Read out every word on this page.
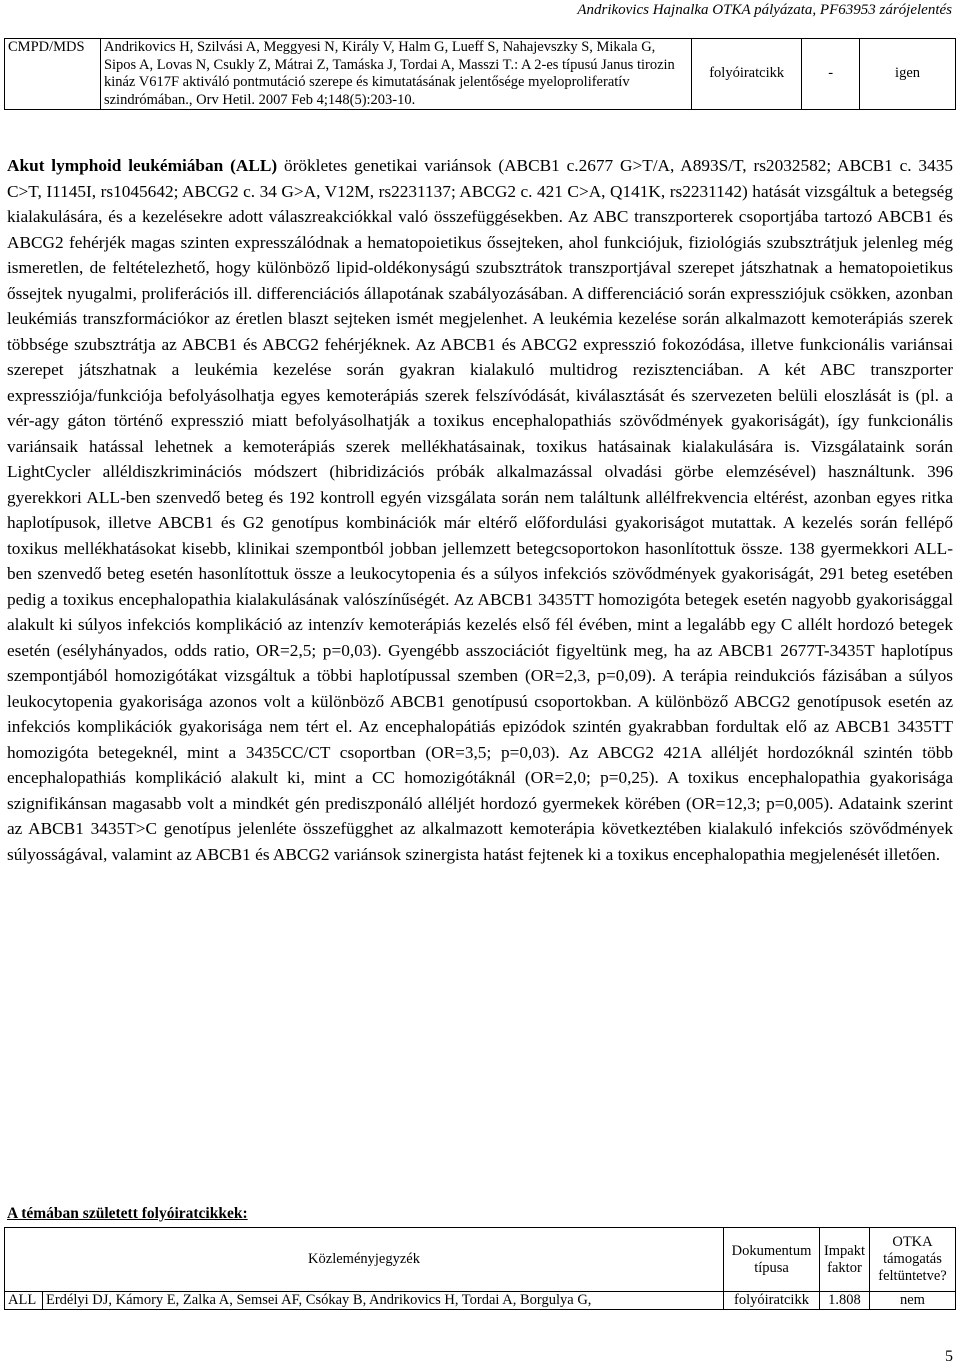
Andrikovics Hajnalka OTKA pályázata, PF63953 zárójelentés
CMPD/MDS	Andrikovics H, Szilvási A, Meggyesi N, Király V, Halm G, Lueff S, Nahajevszky S, Mikala G, Sipos A, Lovas N, Csukly Z, Mátrai Z, Tamáska J, Tordai A, Masszi T.: A 2-es típusú Janus tirozin kináz V617F aktiváló pontmutáció szerepe és kimutatásának jelentősége myeloproliferatív szindrómában., Orv Hetil. 2007 Feb 4;148(5):203-10.	folyóiratcikk	-	igen
Akut lymphoid leukémiában (ALL) örökletes genetikai variánsok (ABCB1 c.2677 G>T/A, A893S/T, rs2032582; ABCB1 c. 3435 C>T, I1145I, rs1045642; ABCG2 c. 34 G>A, V12M, rs2231137; ABCG2 c. 421 C>A, Q141K, rs2231142) hatását vizsgáltuk a betegség kialakulására, és a kezelésekre adott válaszreakciókkal való összefüggésekben. Az ABC transzporterek csoportjába tartozó ABCB1 és ABCG2 fehérjék magas szinten expresszálódnak a hematopoietikus őssejteken, ahol funkciójuk, fiziológiás szubsztrátjuk jelenleg még ismeretlen, de feltételezhető, hogy különböző lipid-oldékonyságú szubsztrátok transzportjával szerepet játszhatnak a hematopoietikus őssejtek nyugalmi, proliferációs ill. differenciációs állapotának szabályozásában. A differenciáció során expressziójuk csökken, azonban leukémiás transzformációkor az éretlen blaszt sejteken ismét megjelenhet. A leukémia kezelése során alkalmazott kemoterápiás szerek többsége szubsztrátja az ABCB1 és ABCG2 fehérjéknek. Az ABCB1 és ABCG2 expresszió fokozódása, illetve funkcionális variánsai szerepet játszhatnak a leukémia kezelése során gyakran kialakuló multidrog rezisztenciában. A két ABC transzporter expressziója/funkciója befolyásolhatja egyes kemoterápiás szerek felszívódását, kiválasztását és szervezeten belüli eloszlását is (pl. a vér-agy gáton történő expresszió miatt befolyásolhatják a toxikus encephalopathiás szövődmények gyakoriságát), így funkcionális variánsaik hatással lehetnek a kemoterápiás szerek mellékhatásainak, toxikus hatásainak kialakulására is. Vizsgálataink során LightCycler alléldiszkriminációs módszert (hibridizációs próbák alkalmazással olvadási görbe elemzésével) használtunk. 396 gyerekkori ALL-ben szenvedő beteg és 192 kontroll egyén vizsgálata során nem találtunk allélfrekvencia eltérést, azonban egyes ritka haplotípusok, illetve ABCB1 és G2 genotípus kombinációk már eltérő előfordulási gyakoriságot mutattak. A kezelés során fellépő toxikus mellékhatásokat kisebb, klinikai szempontból jobban jellemzett betegcsoportokon hasonlítottuk össze. 138 gyermekkori ALL-ben szenvedő beteg esetén hasonlítottuk össze a leukocytopenia és a súlyos infekciós szövődmények gyakoriságát, 291 beteg esetében pedig a toxikus encephalopathia kialakulásának valószínűségét. Az ABCB1 3435TT homozigóta betegek esetén nagyobb gyakorisággal alakult ki súlyos infekciós komplikáció az intenzív kemoterápiás kezelés első fél évében, mint a legalább egy C allélt hordozó betegek esetén (esélyhányados, odds ratio, OR=2,5; p=0,03). Gyengébb asszociációt figyeltünk meg, ha az ABCB1 2677T-3435T haplotípus szempontjából homozigótákat vizsgáltuk a többi haplotípussal szemben (OR=2,3, p=0,09). A terápia reindukciós fázisában a súlyos leukocytopenia gyakorisága azonos volt a különböző ABCB1 genotípusú csoportokban. A különböző ABCG2 genotípusok esetén az infekciós komplikációk gyakorisága nem tért el. Az encephalopátiás epizódok szintén gyakrabban fordultak elő az ABCB1 3435TT homozigóta betegeknél, mint a 3435CC/CT csoportban (OR=3,5; p=0,03). Az ABCG2 421A alléljét hordozóknál szintén több encephalopathiás komplikáció alakult ki, mint a CC homozigótáknál (OR=2,0; p=0,25). A toxikus encephalopathia gyakorisága szignifikánsan magasabb volt a mindkét gén prediszponáló alléljét hordozó gyermekek körében (OR=12,3; p=0,005). Adataink szerint az ABCB1 3435T>C genotípus jelenléte összefügghet az alkalmazott kemoterápia következtében kialakuló infekciós szövődmények súlyosságával, valamint az ABCB1 és ABCG2 variánsok szinergista hatást fejtenek ki a toxikus encephalopathia megjelenését illetően.
A témában született folyóiratcikkek:
Közleményjegyzék		Dokumentum típusa	Impakt faktor	OTKA támogatás feltüntetve?
ALL	Erdélyi DJ, Kámory E, Zalka A, Semsei AF, Csókay B, Andrikovics H, Tordai A, Borgulya G,	folyóiratcikk	1.808	nem
5
